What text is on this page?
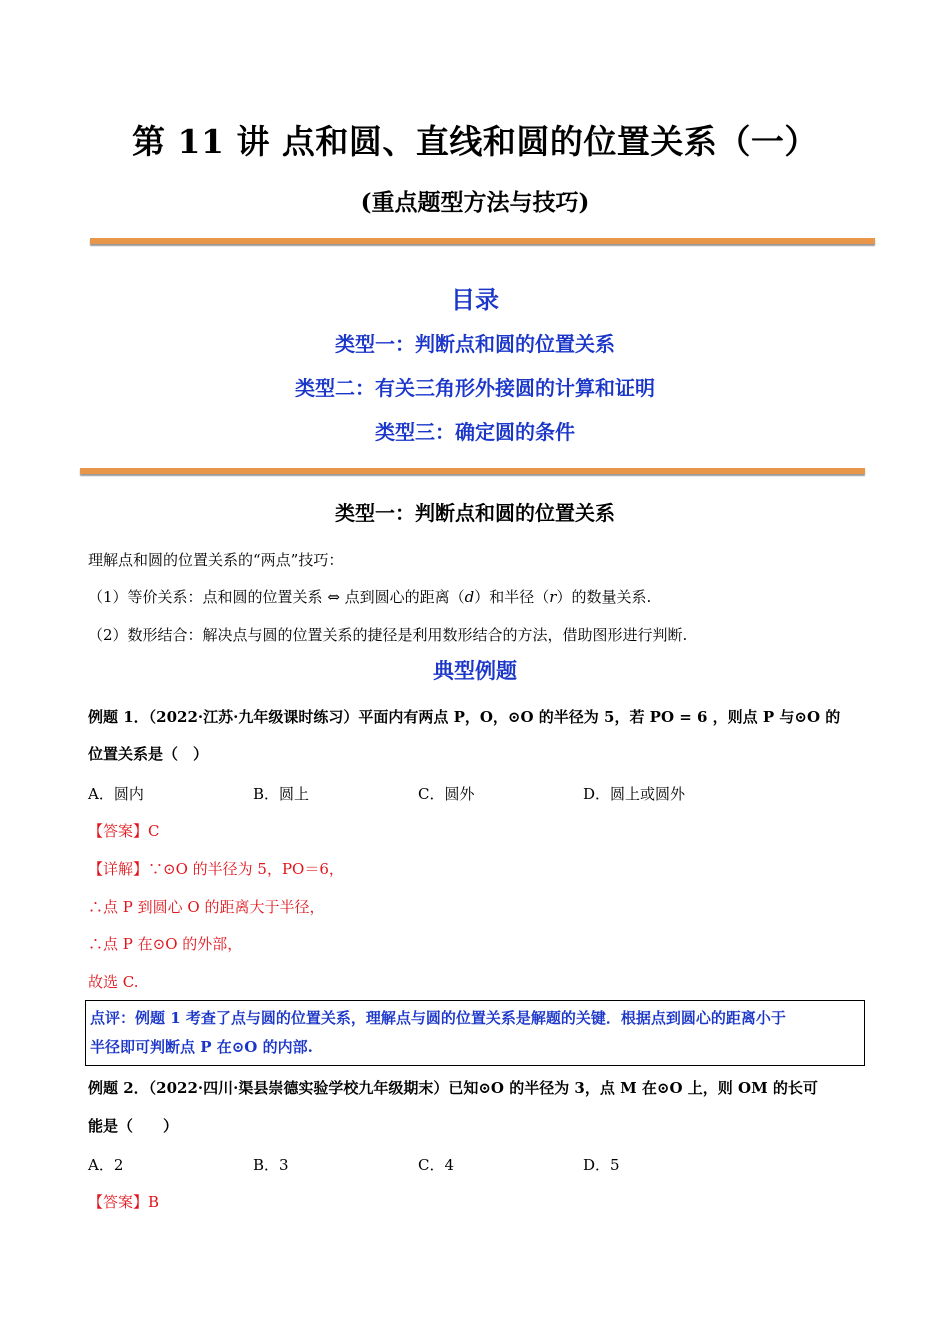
第 11 讲 点和圆、直线和圆的位置关系（一）
(重点题型方法与技巧)
目录
类型一：判断点和圆的位置关系
类型二：有关三角形外接圆的计算和证明
类型三：确定圆的条件
类型一：判断点和圆的位置关系
理解点和圆的位置关系的“两点”技巧：
（1）等价关系：点和圆的位置关系 ⇔ 点到圆心的距离（d）和半径（r）的数量关系.
（2）数形结合：解决点与圆的位置关系的捷径是利用数形结合的方法，借助图形进行判断.
典型例题
例题 1．（2022·江苏·九年级课时练习）平面内有两点 P，O，⊙O 的半径为 5，若 PO = 6 ，则点 P 与⊙O 的
位置关系是（　）
A．圆内	B．圆上	C．圆外	D．圆上或圆外
【答案】C
【详解】∵⊙O 的半径为 5，PO＝6，
∴点 P 到圆心 O 的距离大于半径，
∴点 P 在⊙O 的外部，
故选 C.
点评：例题 1 考查了点与圆的位置关系，理解点与圆的位置关系是解题的关键．根据点到圆心的距离小于
半径即可判断点 P 在⊙O 的内部.
例题 2．（2022·四川·渠县崇德实验学校九年级期末）已知⊙O 的半径为 3，点 M 在⊙O 上，则 OM 的长可
能是（　　）
A．2	B．3	C．4	D．5
【答案】B
